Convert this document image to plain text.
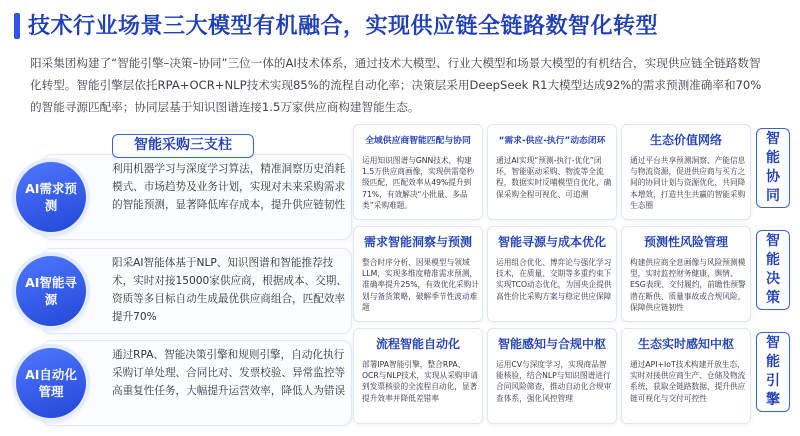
技术行业场景三大模型有机融合，实现供应链全链路数智化转型
阳采集团构建了“智能引擎–决策–协同”三位一体的AI技术体系，通过技术大模型、行业大模型和场景大模型的有机结合，实现供应链全链路数智化转型。智能引擎层依托RPA+OCR+NLP技术实现85%的流程自动化率；决策层采用DeepSeek R1大模型达成92%的需求预测准确率和70%的智能寻源匹配率；协同层基于知识图谱连接1.5万家供应商构建智能生态。
智能采购三支柱
AI需求预测
利用机器学习与深度学习算法，精准洞察历史消耗模式、市场趋势及业务计划，实现对未来采购需求的智能预测，显著降低库存成本，提升供应链韧性
AI智能寻源
阳采AI智能体基于NLP、知识图谱和智能推荐技术，实时对接15000家供应商，根据成本、交期、资质等多目标自动生成最优供应商组合，匹配效率提升70%
AI自动化管理
通过RPA、智能决策引擎和规则引擎，自动化执行采购订单处理、合同比对、发票校验、异常监控等高重复性任务，大幅提升运营效率，降低人为错误
全域供应商智能匹配与协同
运用知识图谱与GNN技术，构建1.5万供应商画像，实现供需毫秒级匹配，匹配效率从49%提升到71%，有效解决“小批量、多品类”采购难题。
“需求-供应-执行”动态闭环
通过AI实现“预测-执行-优化”闭环，智能驱动采购、物流等全流程，数据实时反哺模型自优化，确保采购全程可视化、可追溯
生态价值网络
通过平台共享预测洞察、产能信息与物流资源，促进供应商与买方之间的协同计划与资源优化，共同降本增效，打造共生共赢的智能采购生态圈
需求智能洞察与预测
整合时序分析、因果模型与领域LLM，实现多维度精准需求预测，准确率提升25%，有效优化采购计划与备货策略，破解季节性波动难题
智能寻源与成本优化
运用组合优化、博弈论与强化学习技术，在质量、交期等多重约束下实现TCO动态优化，为国央企提供高性价比采购方案与稳定供应保障
预测性风险管理
构建供应商全息画像与风险预测模型，实时监控财务健康、舆情、ESG表现、交付履约，前瞻性预警潜在断供、质量事故或合规风险，保障供应链韧性
流程智能自动化
部署IPA智能引擎，整合RPA、OCR与NLP技术，实现从采购申请到发票核验的全流程自动化，显著提升效率并降低差错率
智能感知与合规中枢
运用CV与深度学习，实现商品智能核验，结合NLP与知识图谱进行合同风险筛查，推动自动化合规审查体系，强化风控管理
生态实时感知中枢
通过API+IoT技术构建开放生态，实时对接供应商生产、仓储及物流系统，获取全链路数据，提升供应链可视化与交付可控性
智能协同
智能决策
智能引擎
